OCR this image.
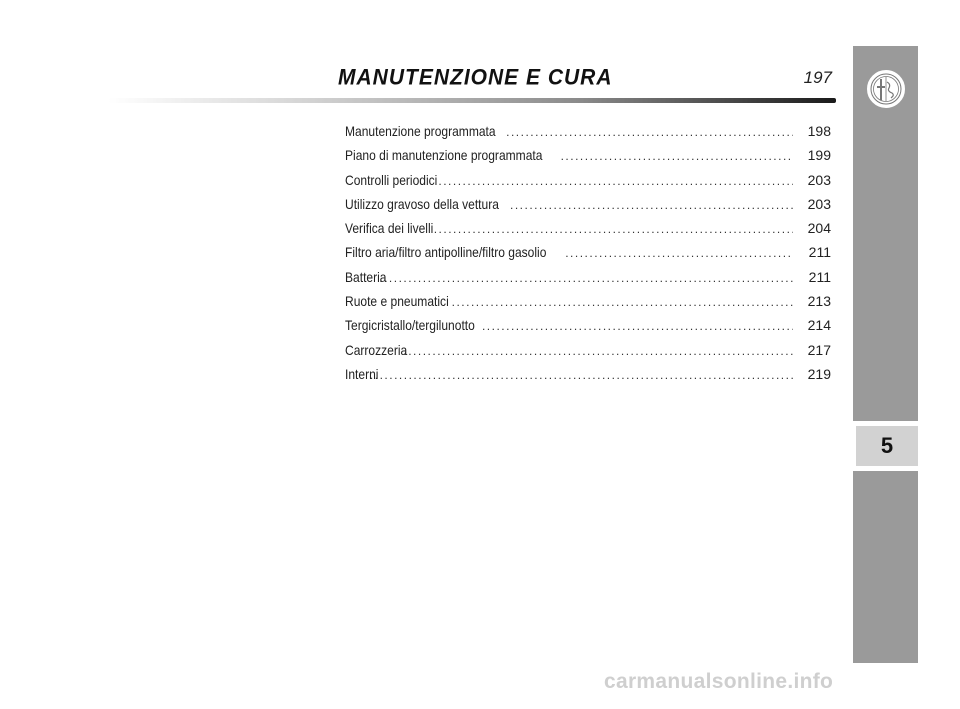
MANUTENZIONE E CURA	197
Manutenzione programmata .....	198
Piano di manutenzione programmata .....	199
Controlli periodici .....	203
Utilizzo gravoso della vettura .....	203
Verifica dei livelli .....	204
Filtro aria/filtro antipolline/filtro gasolio .....	211
Batteria .....	211
Ruote e pneumatici .....	213
Tergicristallo/tergilunotto .....	214
Carrozzeria .....	217
Interni .....	219
5
carmanualsonline.info
